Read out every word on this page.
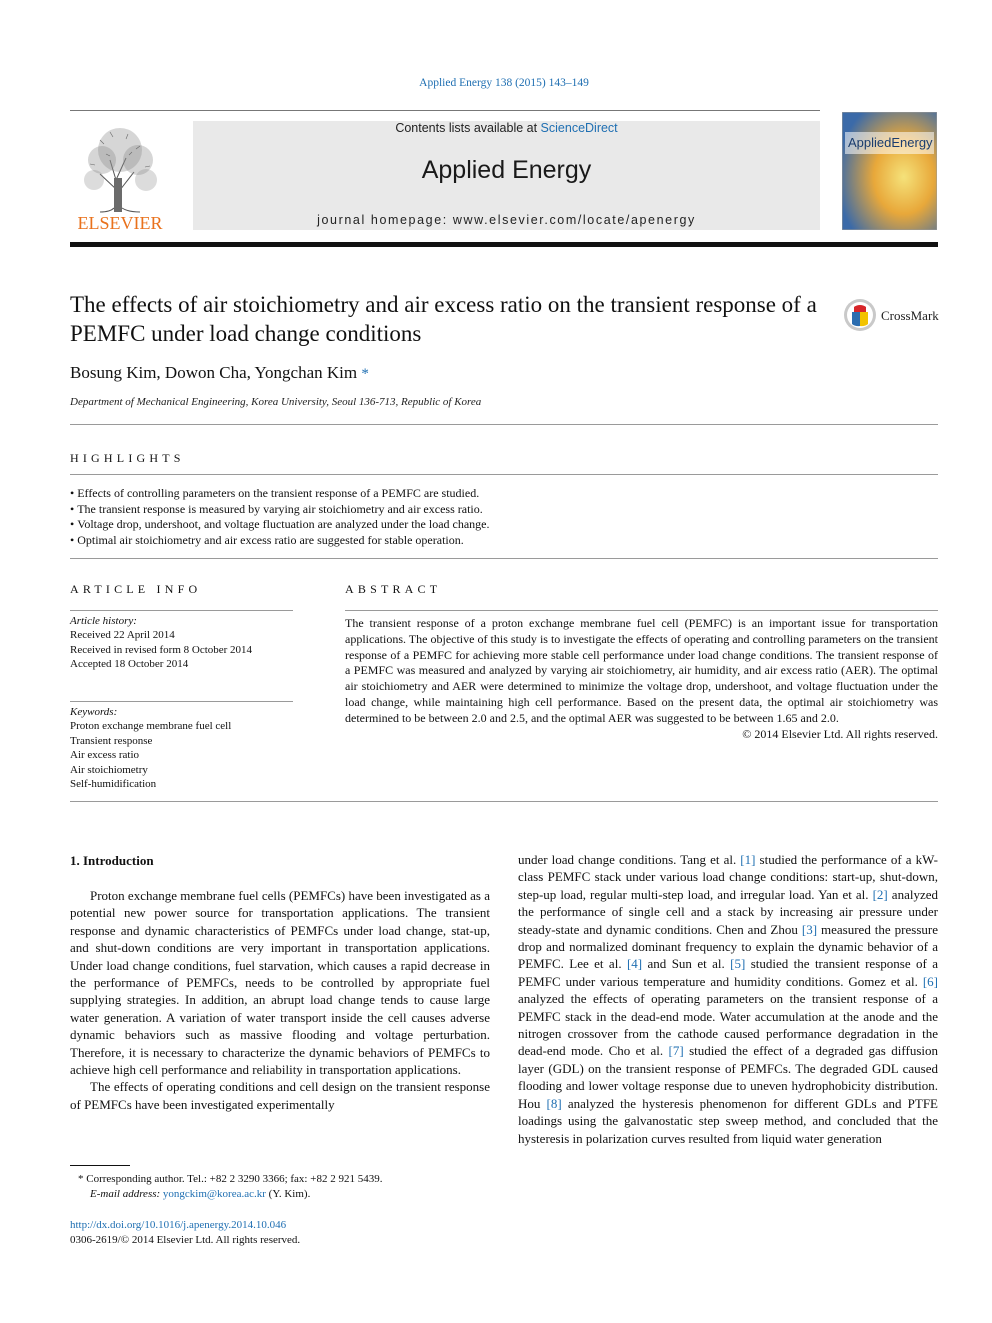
Applied Energy 138 (2015) 143–149
ELSEVIER
Contents lists available at ScienceDirect
Applied Energy
journal homepage: www.elsevier.com/locate/apenergy
AppliedEnergy
The effects of air stoichiometry and air excess ratio on the transient response of a PEMFC under load change conditions
CrossMark
Bosung Kim, Dowon Cha, Yongchan Kim *
Department of Mechanical Engineering, Korea University, Seoul 136-713, Republic of Korea
HIGHLIGHTS
• Effects of controlling parameters on the transient response of a PEMFC are studied.
• The transient response is measured by varying air stoichiometry and air excess ratio.
• Voltage drop, undershoot, and voltage fluctuation are analyzed under the load change.
• Optimal air stoichiometry and air excess ratio are suggested for stable operation.
ARTICLE INFO
Article history:
Received 22 April 2014
Received in revised form 8 October 2014
Accepted 18 October 2014
Keywords:
Proton exchange membrane fuel cell
Transient response
Air excess ratio
Air stoichiometry
Self-humidification
ABSTRACT
The transient response of a proton exchange membrane fuel cell (PEMFC) is an important issue for transportation applications. The objective of this study is to investigate the effects of operating and controlling parameters on the transient response of a PEMFC for achieving more stable cell performance under load change conditions. The transient response of a PEMFC was measured and analyzed by varying air stoichiometry, air humidity, and air excess ratio (AER). The optimal air stoichiometry and AER were determined to minimize the voltage drop, undershoot, and voltage fluctuation under the load change, while maintaining high cell performance. Based on the present data, the optimal air stoichiometry was determined to be between 2.0 and 2.5, and the optimal AER was suggested to be between 1.65 and 2.0.
© 2014 Elsevier Ltd. All rights reserved.
1. Introduction

Proton exchange membrane fuel cells (PEMFCs) have been investigated as a potential new power source for transportation applications. The transient response and dynamic characteristics of PEMFCs under load change, stat-up, and shut-down conditions are very important in transportation applications. Under load change conditions, fuel starvation, which causes a rapid decrease in the performance of PEMFCs, needs to be controlled by appropriate fuel supplying strategies. In addition, an abrupt load change tends to cause large water generation. A variation of water transport inside the cell causes adverse dynamic behaviors such as massive flooding and voltage perturbation. Therefore, it is necessary to characterize the dynamic behaviors of PEMFCs to achieve high cell performance and reliability in transportation applications.

The effects of operating conditions and cell design on the transient response of PEMFCs have been investigated experimentally

under load change conditions. Tang et al. [1] studied the performance of a kW-class PEMFC stack under various load change conditions: start-up, shut-down, step-up load, regular multi-step load, and irregular load. Yan et al. [2] analyzed the performance of single cell and a stack by increasing air pressure under steady-state and dynamic conditions. Chen and Zhou [3] measured the pressure drop and normalized dominant frequency to explain the dynamic behavior of a PEMFC. Lee et al. [4] and Sun et al. [5] studied the transient response of a PEMFC under various temperature and humidity conditions. Gomez et al. [6] analyzed the effects of operating parameters on the transient response of a PEMFC stack in the dead-end mode. Water accumulation at the anode and the nitrogen crossover from the cathode caused performance degradation in the dead-end mode. Cho et al. [7] studied the effect of a degraded gas diffusion layer (GDL) on the transient response of PEMFCs. The degraded GDL caused flooding and lower voltage response due to uneven hydrophobicity distribution. Hou [8] analyzed the hysteresis phenomenon for different GDLs and PTFE loadings using the galvanostatic step sweep method, and concluded that the hysteresis in polarization curves resulted from liquid water generation

* Corresponding author. Tel.: +82 2 3290 3366; fax: +82 2 921 5439.
E-mail address: yongckim@korea.ac.kr (Y. Kim).
http://dx.doi.org/10.1016/j.apenergy.2014.10.046
0306-2619/© 2014 Elsevier Ltd. All rights reserved.
